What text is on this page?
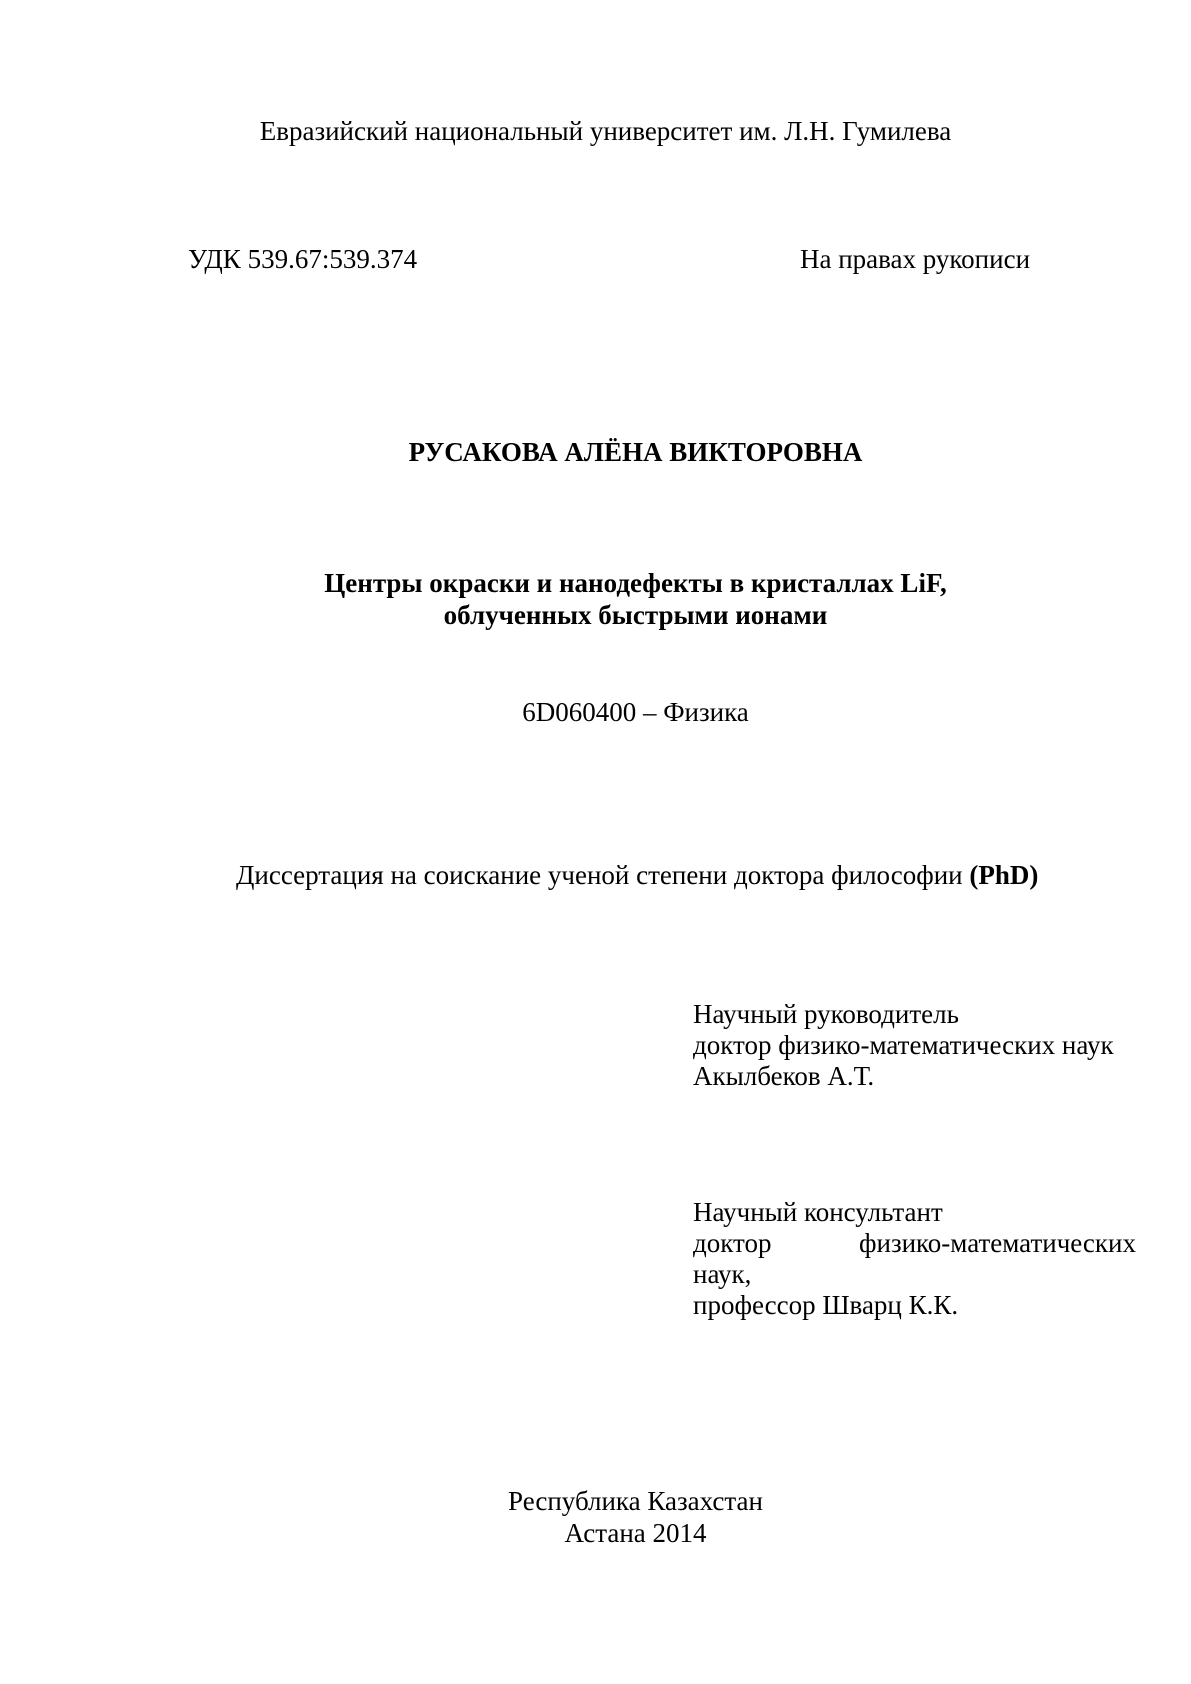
Евразийский национальный университет им. Л.Н. Гумилева
УДК 539.67:539.374	На правах рукописи
РУСАКОВА АЛЁНА ВИКТОРОВНА
Центры окраски и нанодефекты в кристаллах LiF,
облученных быстрыми ионами
6D060400 – Физика
Диссертация на соискание ученой степени доктора философии (PhD)
Научный руководитель
доктор физико-математических наук
Акылбеков А.Т.
Научный консультант
доктор	физико-математических
наук,
профессор Шварц К.К.
Республика Казахстан
Астана 2014
